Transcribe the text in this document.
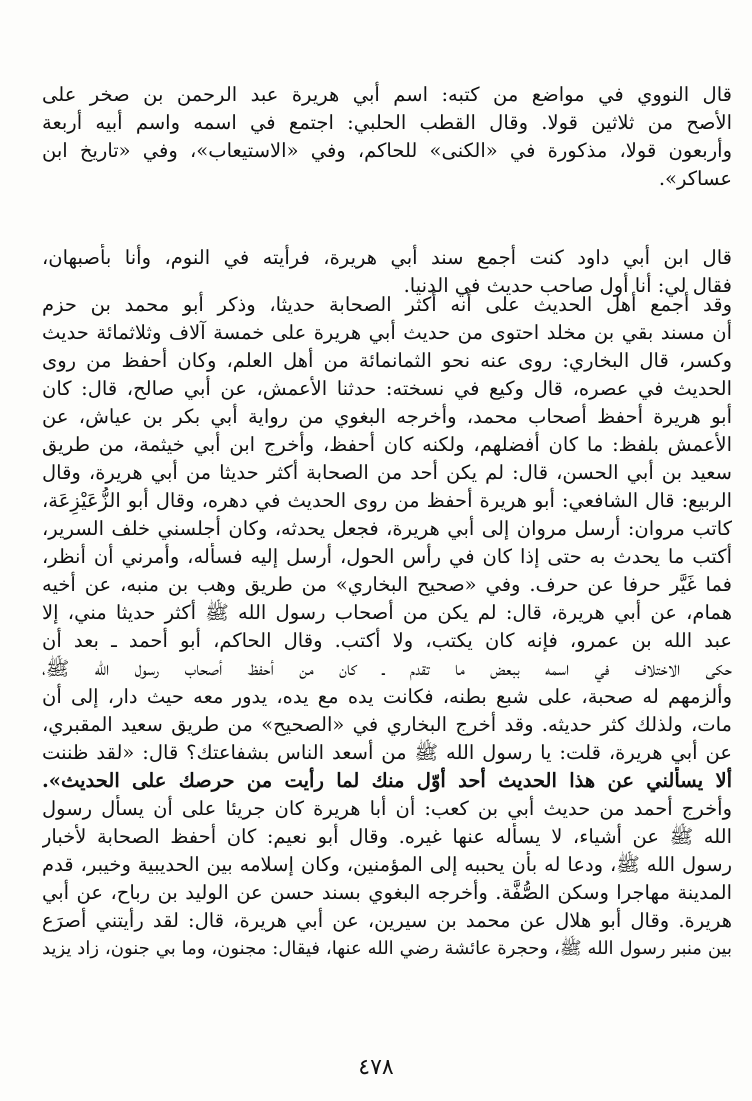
قال النووي في مواضع من كتبه: اسم أبي هريرة عبد الرحمن بن صخر على
الأصح من ثلاثين قولا. وقال القطب الحلبي: اجتمع في اسمه واسم أبيه أربعة
وأربعون قولا، مذكورة في «الكنى» للحاكم، وفي «الاستيعاب»، وفي «تاريخ ابن
عساكر».
قال ابن أبي داود كنت أجمع سند أبي هريرة، فرأيته في النوم، وأنا بأصبهان،
فقال لي: أنا أول صاحب حديث في الدنيا.
وقد أجمع أهل الحديث على أنه أكثر الصحابة حديثا، وذكر أبو محمد بن حزم
أن مسند بقي بن مخلد احتوى من حديث أبي هريرة على خمسة آلاف وثلاثمائة حديث
وكسر، قال البخاري: روى عنه نحو الثمانمائة من أهل العلم، وكان أحفظ من روى
الحديث في عصره، قال وكيع في نسخته: حدثنا الأعمش، عن أبي صالح، قال: كان
أبو هريرة أحفظ أصحاب محمد، وأخرجه البغوي من رواية أبي بكر بن عياش، عن
الأعمش بلفظ: ما كان أفضلهم، ولكنه كان أحفظ، وأخرج ابن أبي خيثمة، من طريق
سعيد بن أبي الحسن، قال: لم يكن أحد من الصحابة أكثر حديثا من أبي هريرة، وقال
الربيع: قال الشافعي: أبو هريرة أحفظ من روى الحديث في دهره، وقال أبو الزُّعَيْزِعَة،
كاتب مروان: أرسل مروان إلى أبي هريرة، فجعل يحدثه، وكان أجلسني خلف السرير،
أكتب ما يحدث به حتى إذا كان في رأس الحول، أرسل إليه فسأله، وأمرني أن أنظر،
فما غَيَّر حرفا عن حرف. وفي «صحيح البخاري» من طريق وهب بن منبه، عن أخيه
همام، عن أبي هريرة، قال: لم يكن من أصحاب رسول الله ﷺ أكثر حديثا مني، إلا
عبد الله بن عمرو، فإنه كان يكتب، ولا أكتب. وقال الحاكم، أبو أحمد ـ بعد أن
حكى الاختلاف في اسمه ببعض ما تقدم ـ كان من أحفظ أصحاب رسول الله ﷺ،
وألزمهم له صحبة، على شبع بطنه، فكانت يده مع يده، يدور معه حيث دار، إلى أن
مات، ولذلك كثر حديثه. وقد أخرج البخاري في «الصحيح» من طريق سعيد المقبري،
عن أبي هريرة، قلت: يا رسول الله ﷺ من أسعد الناس بشفاعتك؟ قال: «لقد ظننت
ألا يسألني عن هذا الحديث أحد أوّل منك لما رأيت من حرصك على الحديث».
وأخرج أحمد من حديث أبي بن كعب: أن أبا هريرة كان جريئا على أن يسأل رسول
الله ﷺ عن أشياء، لا يسأله عنها غيره. وقال أبو نعيم: كان أحفظ الصحابة لأخبار
رسول الله ﷺ، ودعا له بأن يحببه إلى المؤمنين، وكان إسلامه بين الحديبية وخيبر، قدم
المدينة مهاجرا وسكن الصُّفَّة. وأخرجه البغوي بسند حسن عن الوليد بن رباح، عن أبي
هريرة. وقال أبو هلال عن محمد بن سيرين، عن أبي هريرة، قال: لقد رأيتني أُصرَع
بين منبر رسول الله ﷺ، وحجرة عائشة رضي الله عنها، فيقال: مجنون، وما بي جنون، زاد يزيد
٤٧٨
